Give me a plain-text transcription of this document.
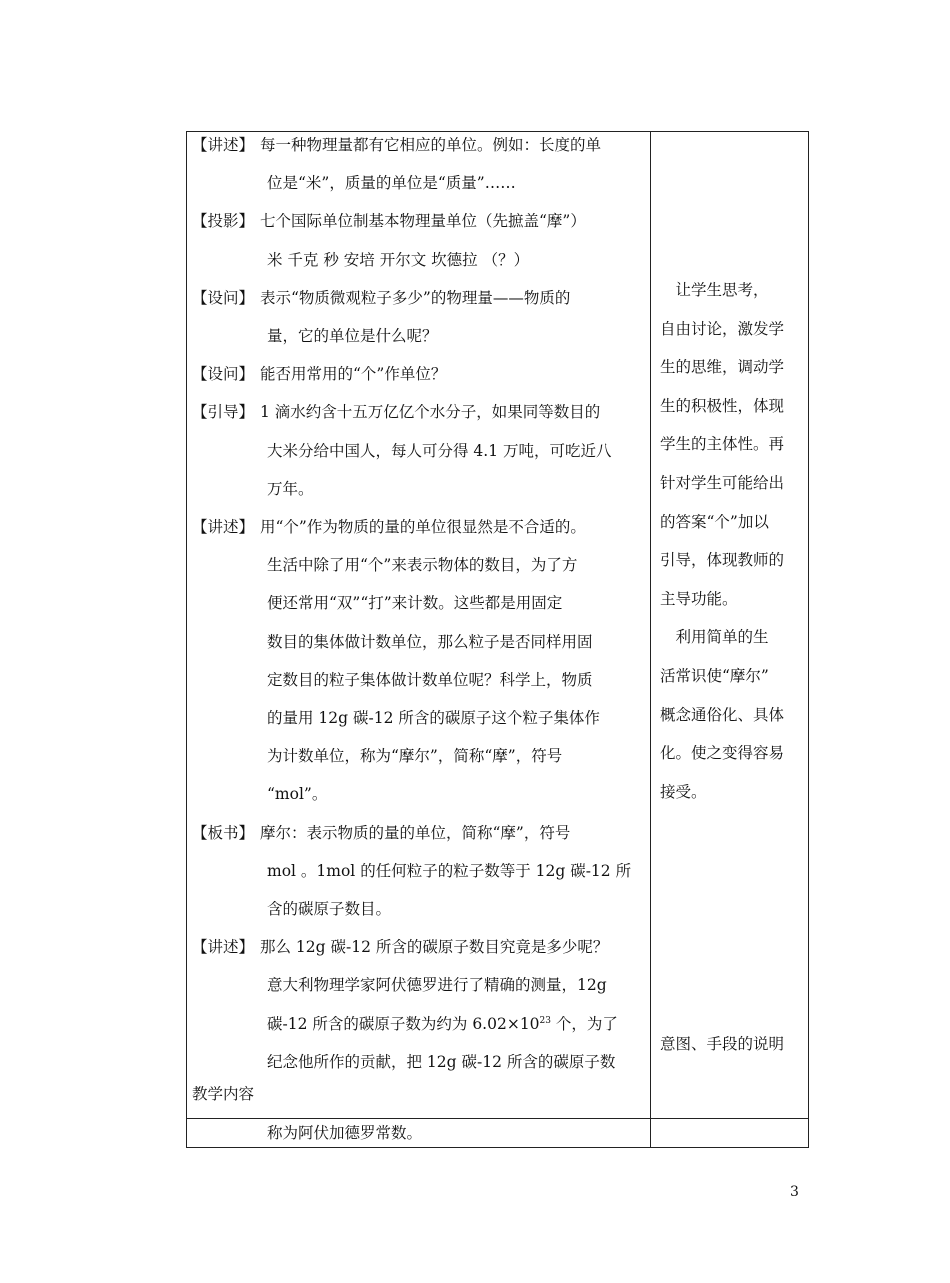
【讲述】 每一种物理量都有它相应的单位。例如：长度的单
位是“米”，质量的单位是“质量”……
【投影】 七个国际单位制基本物理量单位（先摭盖“摩”）
米 千克 秒 安培 开尔文 坎德拉 （？）
【设问】 表示“物质微观粒子多少”的物理量——物质的
量，它的单位是什么呢？
【设问】 能否用常用的“个”作单位？
【引导】 1 滴水约含十五万亿亿个水分子，如果同等数目的
大米分给中国人，每人可分得 4.1 万吨，可吃近八
万年。
【讲述】 用“个”作为物质的量的单位很显然是不合适的。
生活中除了用“个”来表示物体的数目，为了方
便还常用“双”“打”来计数。这些都是用固定
数目的集体做计数单位，那么粒子是否同样用固
定数目的粒子集体做计数单位呢？科学上，物质
的量用 12g 碳-12 所含的碳原子这个粒子集体作
为计数单位，称为“摩尔”，简称“摩”，符号
“mol”。
【板书】 摩尔：表示物质的量的单位，简称“摩”，符号
mol 。1mol 的任何粒子的粒子数等于 12g 碳-12 所
含的碳原子数目。
【讲述】 那么 12g 碳-12 所含的碳原子数目究竟是多少呢？
意大利物理学家阿伏德罗进行了精确的测量，12g
碳-12 所含的碳原子数为约为 $6.02\times 10^{23}$ 个，为了
纪念他所作的贡献，把 12g 碳-12 所含的碳原子数
　让学生思考，
自由讨论，激发学
生的思维，调动学
生的积极性，体现
学生的主体性。再
针对学生可能给出
的答案“个”加以
引导，体现教师的
主导功能。
　利用简单的生
活常识使“摩尔”
概念通俗化、具体
化。使之变得容易
接受。
教学内容
意图、手段的说明
称为阿伏加德罗常数。
3
